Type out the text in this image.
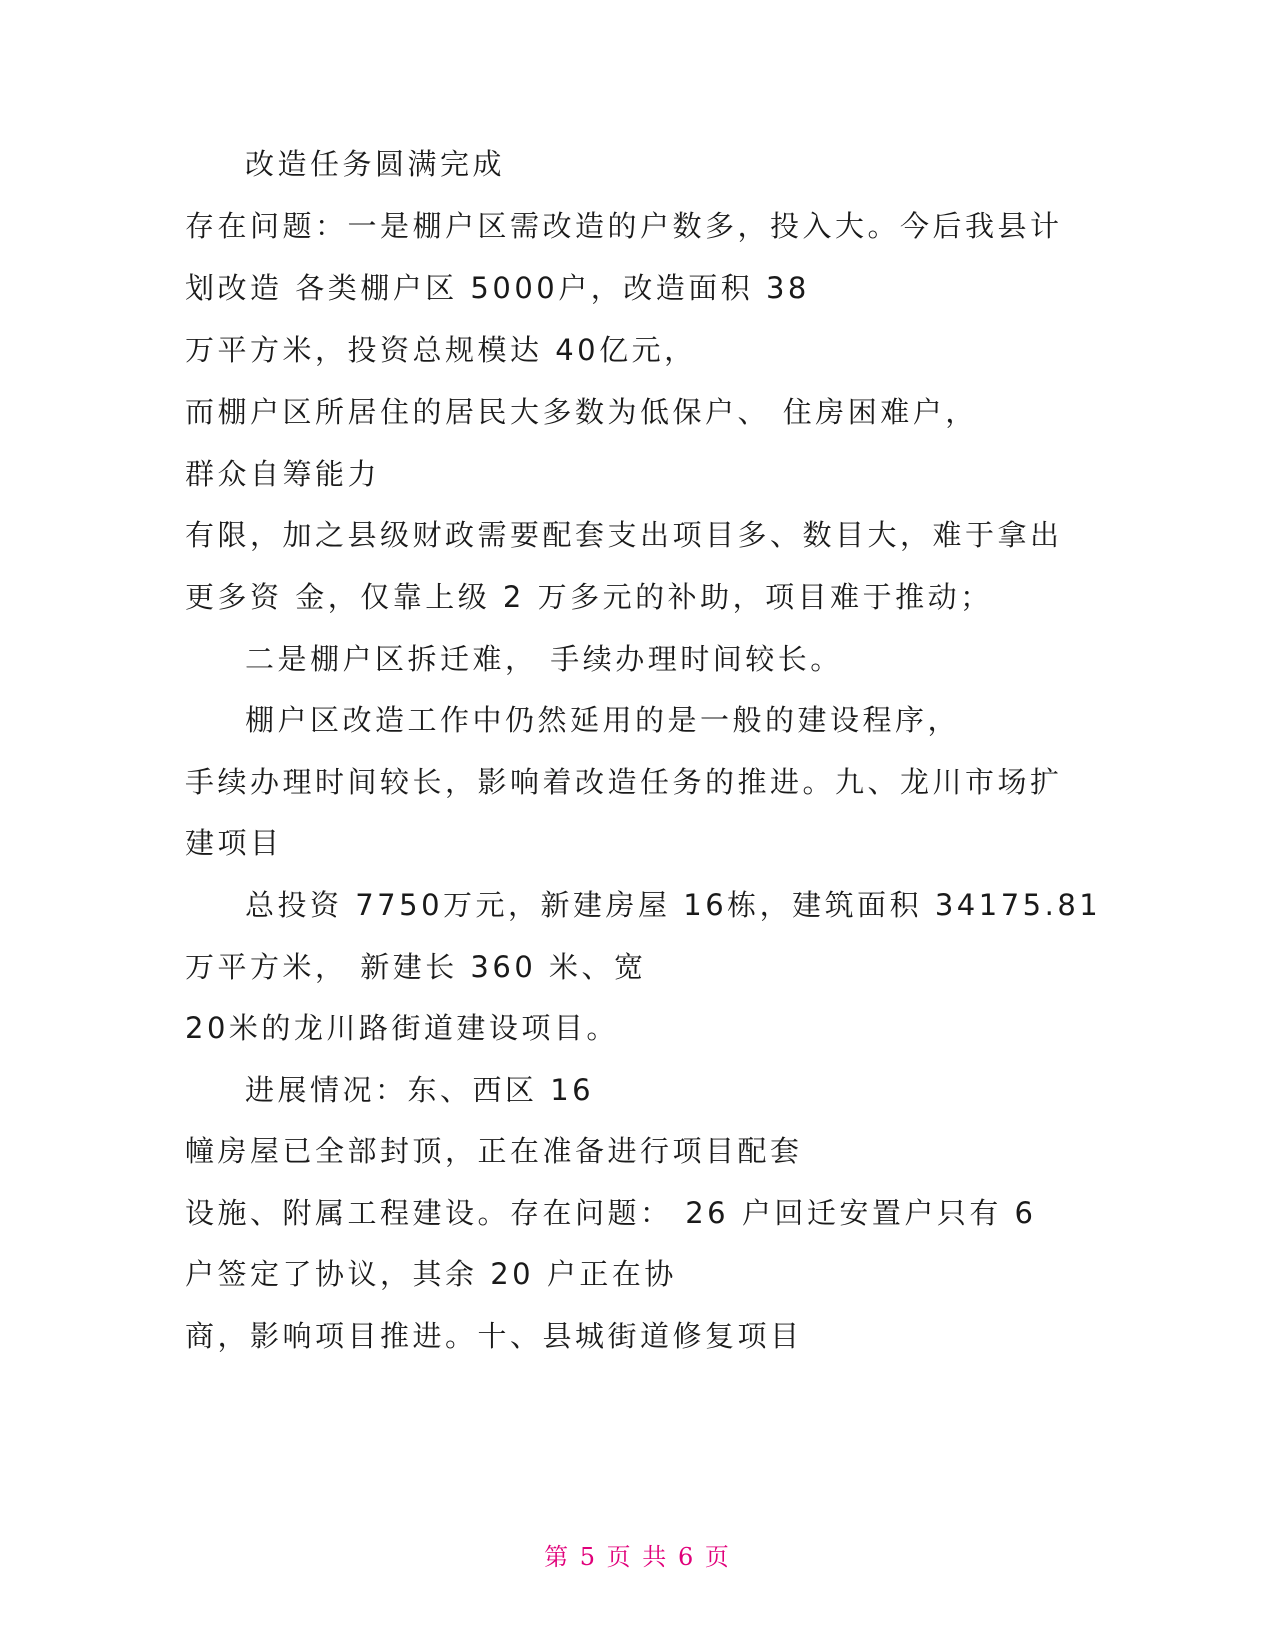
改造任务圆满完成
存在问题：一是棚户区需改造的户数多，投入大。今后我县计
划改造 各类棚户区 5000户，改造面积 38
万平方米，投资总规模达 40亿元，
而棚户区所居住的居民大多数为低保户、 住房困难户，
群众自筹能力
有限，加之县级财政需要配套支出项目多、数目大，难于拿出
更多资 金，仅靠上级 2 万多元的补助，项目难于推动；
二是棚户区拆迁难， 手续办理时间较长。
棚户区改造工作中仍然延用的是一般的建设程序，
手续办理时间较长，影响着改造任务的推进。九、龙川市场扩
建项目
总投资 7750万元，新建房屋 16栋，建筑面积 34175.81
万平方米， 新建长 360 米、宽
20米的龙川路街道建设项目。
进展情况：东、西区 16
幢房屋已全部封顶，正在准备进行项目配套
设施、附属工程建设。存在问题： 26 户回迁安置户只有 6
户签定了协议，其余 20 户正在协
商，影响项目推进。十、县城街道修复项目
第 5 页 共 6 页
